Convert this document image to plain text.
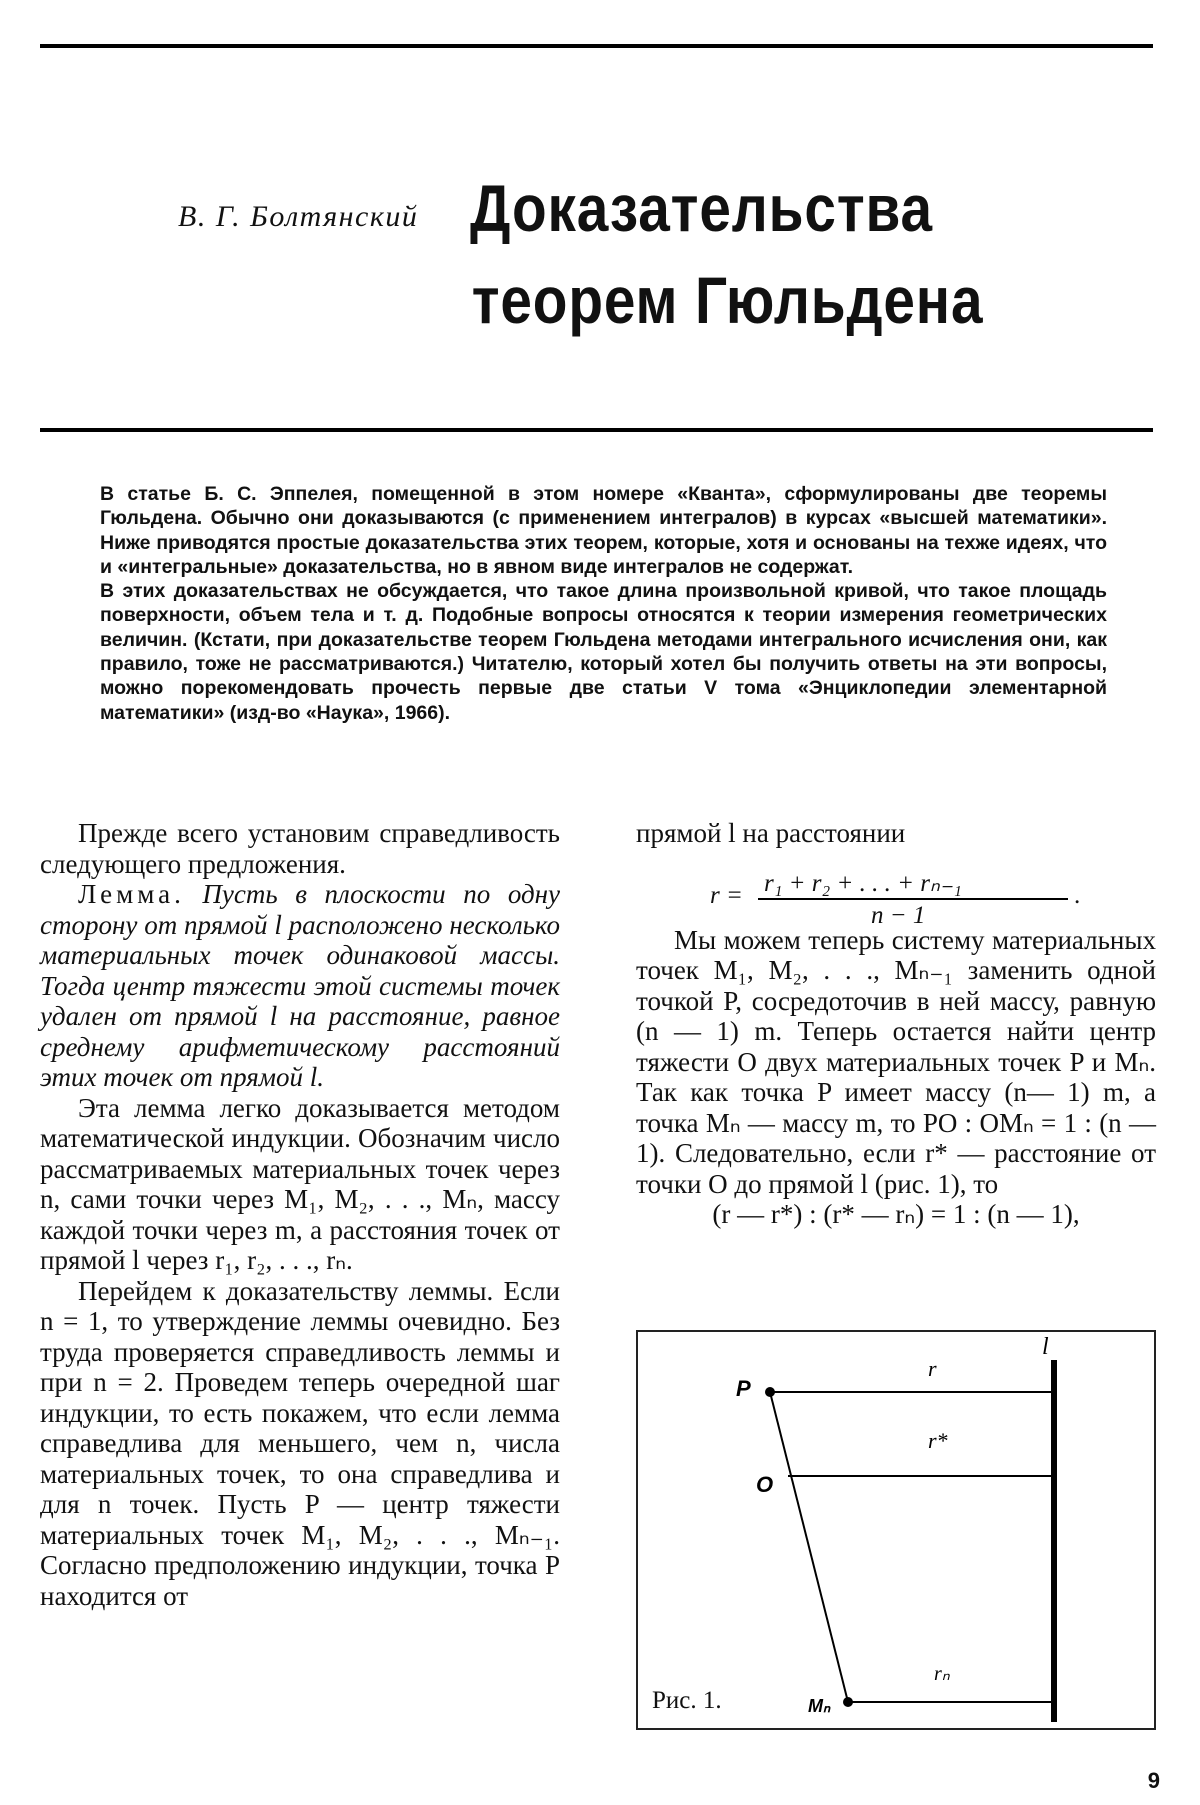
В. Г. Болтянский Доказательства
теорем Гюльдена

В статье Б. С. Эппелея, помещенной в этом номере «Кванта», сформулированы две теоремы Гюльдена. Обычно они доказываются (с применением интегралов) в курсах «высшей математики». Ниже приводятся простые доказательства этих теорем, которые, хотя и основаны на техже идеях, что и «интегральные» доказательства, но в явном виде интегралов не содержат.

В этих доказательствах не обсуждается, что такое длина произвольной кривой, что такое площадь поверхности, объем тела и т. д. Подобные вопросы относятся к теории измерения геометрических величин. (Кстати, при доказательстве теорем Гюльдена методами интегрального исчисления они, как правило, тоже не рассматриваются.) Читателю, который хотел бы получить ответы на эти вопросы, можно порекомендовать прочесть первые две статьи V тома «Энциклопедии элементарной математики» (изд-во «Наука», 1966).

Прежде всего установим справедливость следующего предложения.

Лемма. Пусть в плоскости по одну сторону от прямой l расположено несколько материальных точек одинаковой массы. Тогда центр тяжести этой системы точек удален от прямой l на расстояние, равное среднему арифметическому расстояний этих точек от прямой l.

Эта лемма легко доказывается методом математической индукции. Обозначим число рассматриваемых материальных точек через n, сами точки через M₁, M₂, . . ., Mₙ, массу каждой точки через m, а расстояния точек от прямой l через r₁, r₂, . . ., rₙ.

Перейдем к доказательству леммы. Если n = 1, то утверждение леммы очевидно. Без труда проверяется справедливость леммы и при n = 2. Проведем теперь очередной шаг индукции, то есть покажем, что если лемма справедлива для меньшего, чем n, числа материальных точек, то она справедлива и для n точек. Пусть P — центр тяжести материальных точек M₁, M₂, . . ., Mₙ₋₁. Согласно предположению индукции, точка P находится от

прямой l на расстоянии

Мы можем теперь систему материальных точек M₁, M₂, . . ., Mₙ₋₁ заменить одной точкой P, сосредоточив в ней массу, равную (n — 1) m. Теперь остается найти центр тяжести O двух материальных точек P и Mₙ. Так как точка P имеет массу (n— 1) m, а точка Mₙ — массу m, то PO : OMₙ = 1 : (n — 1). Следовательно, если r* — расстояние от точки O до прямой l (рис. 1), то

(r — r*) : (r* — rₙ) = 1 : (n — 1),

r = r₁ + r₂ + . . . + rₙ₋₁
n − 1
.
P
O
Mₙ
l
r
r*
rₙ
Рис. 1.
9
